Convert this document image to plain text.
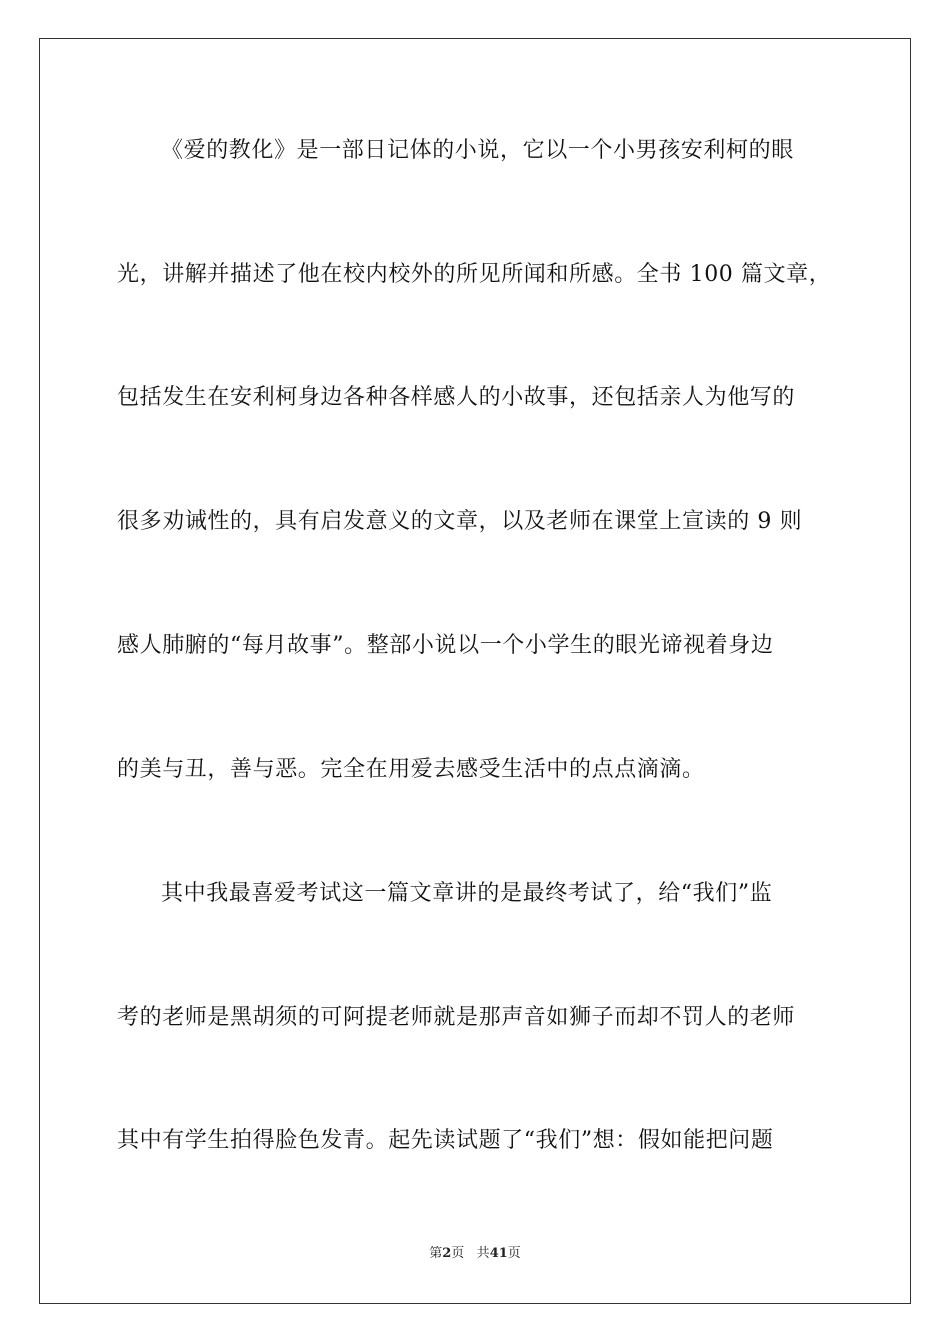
《爱的教化》是一部日记体的小说，它以一个小男孩安利柯的眼
光，讲解并描述了他在校内校外的所见所闻和所感。全书 100 篇文章，
包括发生在安利柯身边各种各样感人的小故事，还包括亲人为他写的
很多劝诫性的，具有启发意义的文章，以及老师在课堂上宣读的 9 则
感人肺腑的“每月故事”。整部小说以一个小学生的眼光谛视着身边
的美与丑，善与恶。完全在用爱去感受生活中的点点滴滴。
其中我最喜爱考试这一篇文章讲的是最终考试了，给“我们”监
考的老师是黑胡须的可阿提老师就是那声音如狮子而却不罚人的老师
其中有学生拍得脸色发青。起先读试题了“我们”想：假如能把问题
第2页 共41页
